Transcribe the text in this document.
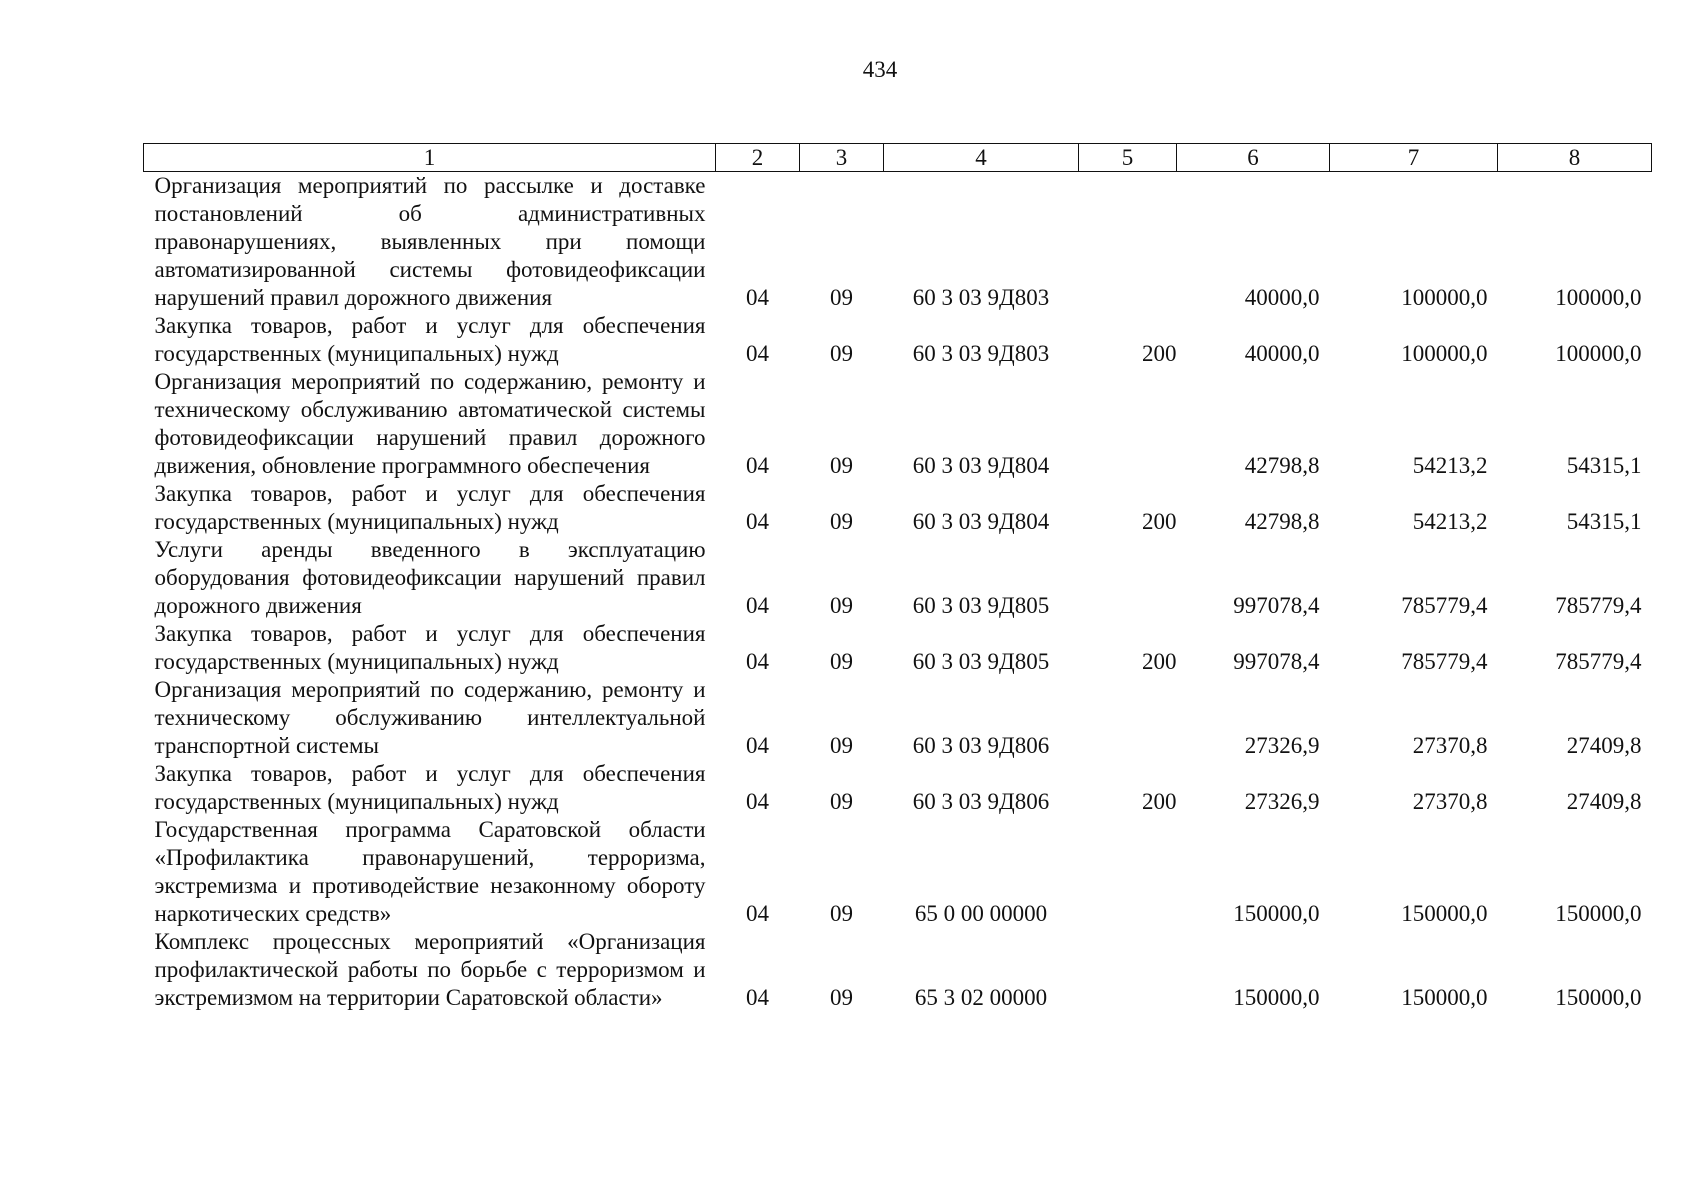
434
1	2	3	4	5	6	7	8
Организация мероприятий по рассылке и доставке постановлений об административных правонарушениях, выявленных при помощи автоматизированной системы фотовидеофиксации нарушений правил дорожного движения	04	09	60 3 03 9Д803		40000,0	100000,0	100000,0
Закупка товаров, работ и услуг для обеспечения государственных (муниципальных) нужд	04	09	60 3 03 9Д803	200	40000,0	100000,0	100000,0
Организация мероприятий по содержанию, ремонту и техническому обслуживанию автоматической системы фотовидеофиксации нарушений правил дорожного движения, обновление программного обеспечения	04	09	60 3 03 9Д804		42798,8	54213,2	54315,1
Закупка товаров, работ и услуг для обеспечения государственных (муниципальных) нужд	04	09	60 3 03 9Д804	200	42798,8	54213,2	54315,1
Услуги аренды введенного в эксплуатацию оборудования фотовидеофиксации нарушений правил дорожного движения	04	09	60 3 03 9Д805		997078,4	785779,4	785779,4
Закупка товаров, работ и услуг для обеспечения государственных (муниципальных) нужд	04	09	60 3 03 9Д805	200	997078,4	785779,4	785779,4
Организация мероприятий по содержанию, ремонту и техническому обслуживанию интеллектуальной транспортной системы	04	09	60 3 03 9Д806		27326,9	27370,8	27409,8
Закупка товаров, работ и услуг для обеспечения государственных (муниципальных) нужд	04	09	60 3 03 9Д806	200	27326,9	27370,8	27409,8
Государственная программа Саратовской области «Профилактика правонарушений, терроризма, экстремизма и противодействие незаконному обороту наркотических средств»	04	09	65 0 00 00000		150000,0	150000,0	150000,0
Комплекс процессных мероприятий «Организация профилактической работы по борьбе с терроризмом и экстремизмом на территории Саратовской области»	04	09	65 3 02 00000		150000,0	150000,0	150000,0
